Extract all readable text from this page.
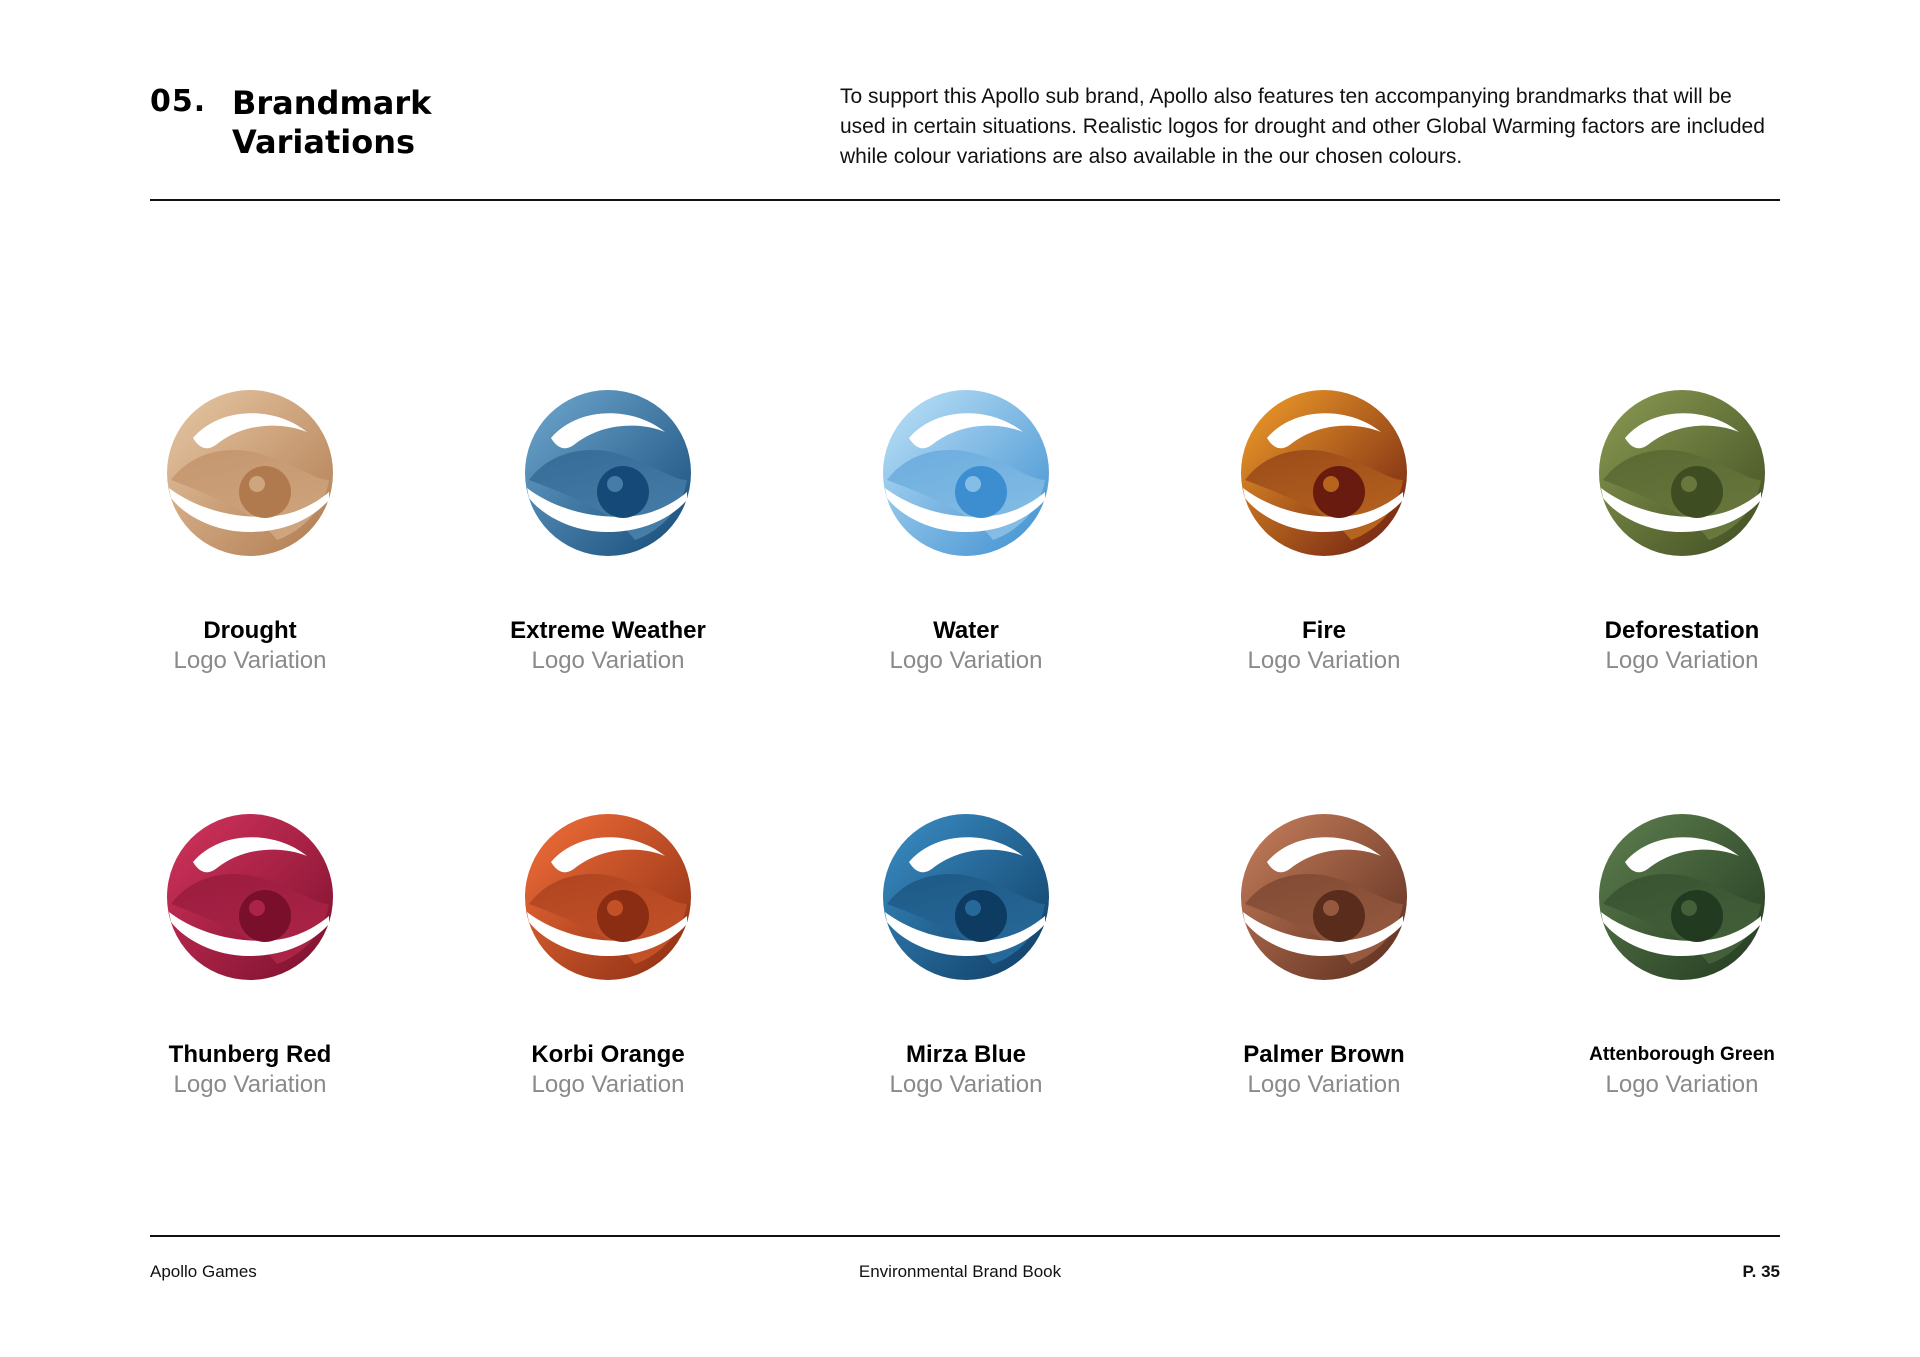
05. Brandmark
Variations
To support this Apollo sub brand, Apollo also features ten accompanying brandmarks that will be used in certain situations. Realistic logos for drought and other Global Warming factors are included while colour variations are also available in the our chosen colours.
Drought
Logo Variation
Extreme Weather
Logo Variation
Water
Logo Variation
Fire
Logo Variation
Deforestation
Logo Variation
Thunberg Red
Logo Variation
Korbi Orange
Logo Variation
Mirza Blue
Logo Variation
Palmer Brown
Logo Variation
Attenborough Green
Logo Variation
Apollo Games	Environmental Brand Book	P. 35
